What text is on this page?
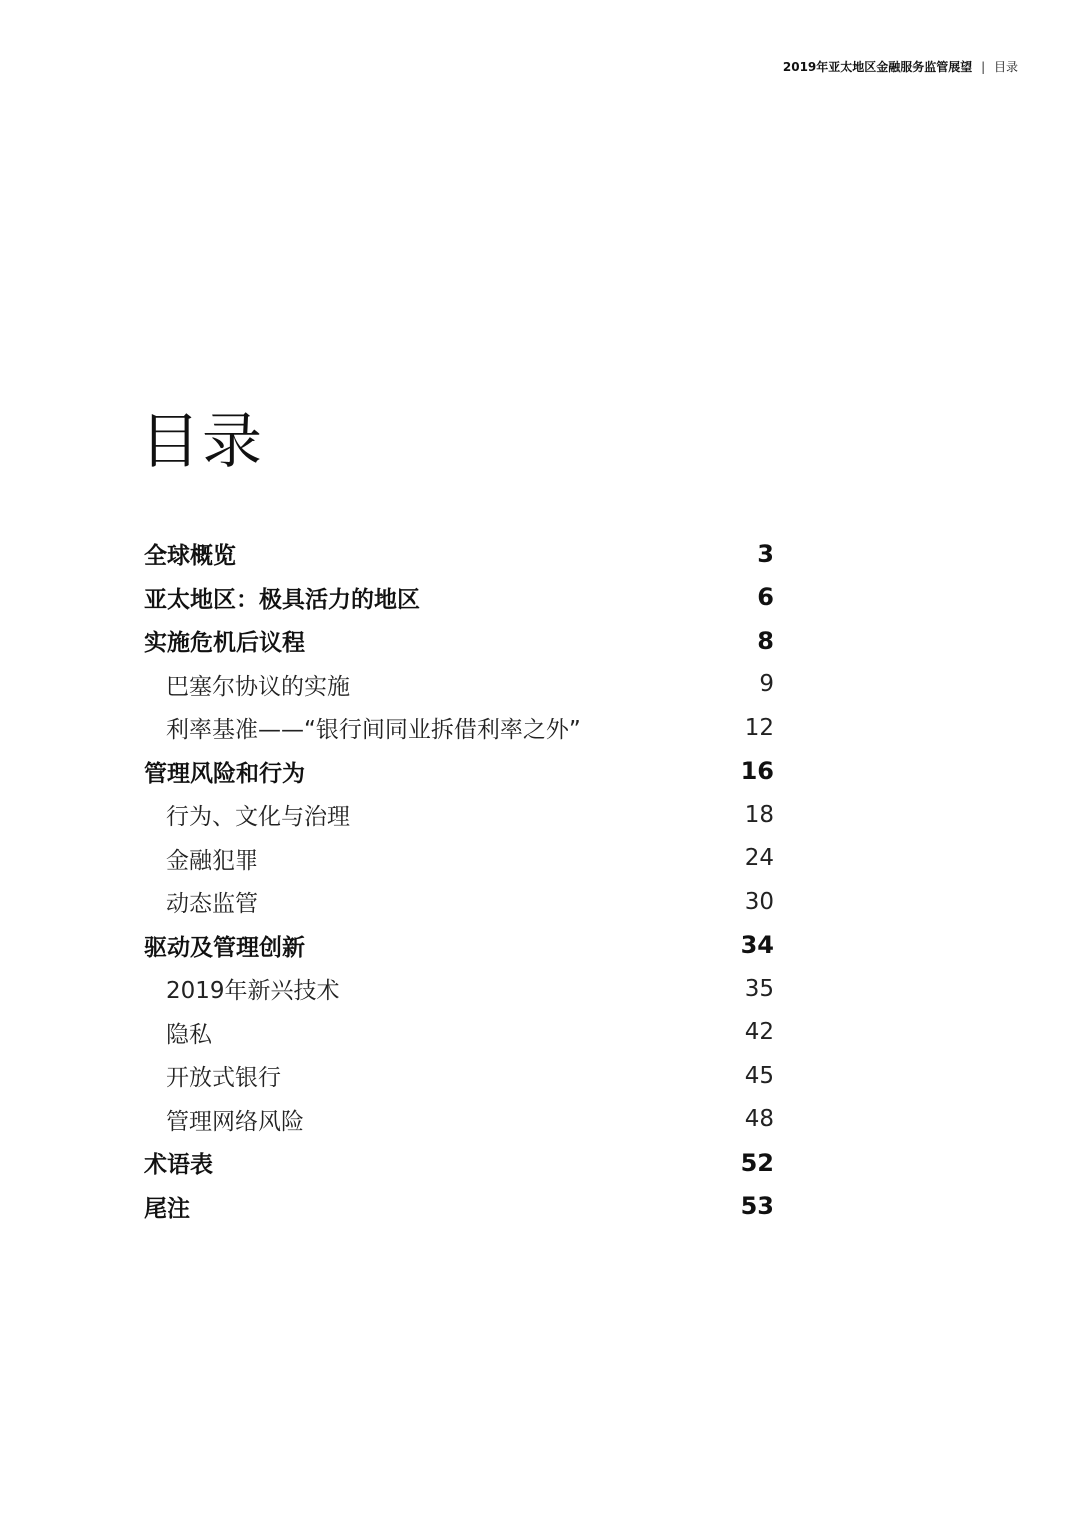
2019年亚太地区金融服务监管展望 | 目录
目录
全球概览	3
亚太地区：极具活力的地区	6
实施危机后议程	8
巴塞尔协议的实施	9
利率基准——“银行间同业拆借利率之外”	12
管理风险和行为	16
行为、文化与治理	18
金融犯罪	24
动态监管	30
驱动及管理创新	34
2019年新兴技术	35
隐私	42
开放式银行	45
管理网络风险	48
术语表	52
尾注	53
